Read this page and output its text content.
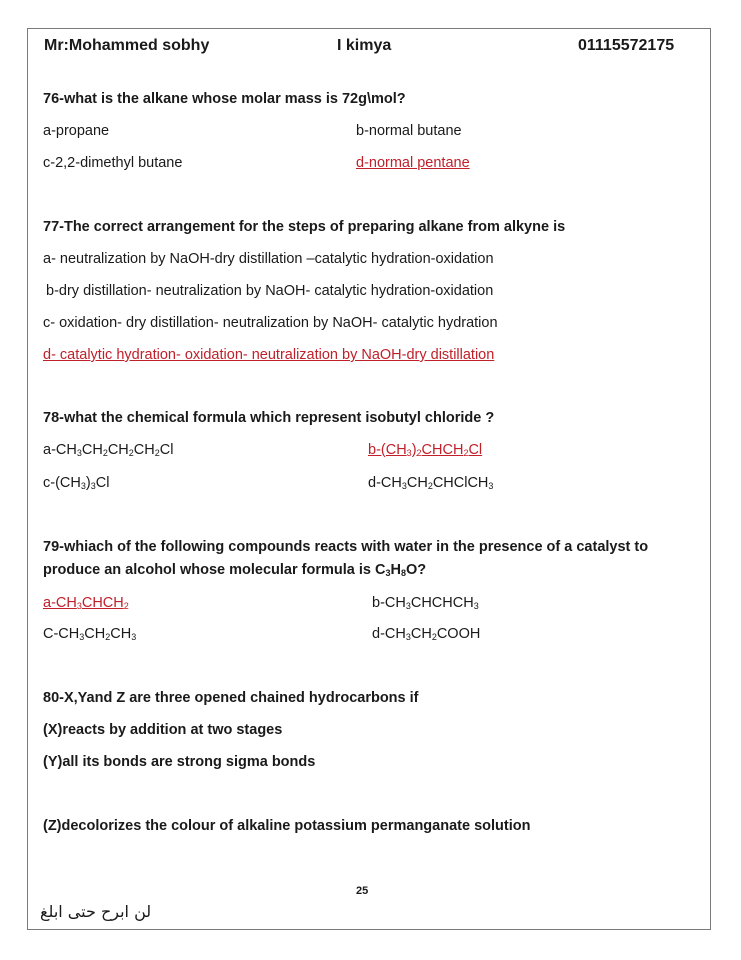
Mr:Mohammed sobhy	I kimya	01115572175
76-what is the alkane whose molar mass is 72g\mol?
a-propane	b-normal butane
c-2,2-dimethyl butane	d-normal pentane
77-The correct arrangement for the steps of preparing alkane from alkyne is
a- neutralization by NaOH-dry distillation –catalytic hydration-oxidation
b-dry distillation- neutralization by NaOH- catalytic hydration-oxidation
c- oxidation- dry distillation- neutralization by NaOH- catalytic hydration
d- catalytic hydration- oxidation- neutralization by NaOH-dry distillation
78-what the chemical formula which represent isobutyl chloride ?
$a-CH_3CH_2CH_2CH_2Cl$	$b-(CH_3)_2CHCH_2Cl$
$c-(CH_3)_3Cl$	$d-CH_3CH_2CHClCH_3$
79-whiach of the following compounds reacts with water in the presence of a catalyst to
produce an alcohol whose molecular formula is $C_3H_8O$?
$a-CH_3CHCH_2$	$b-CH_3CHCHCH_3$
$C-CH_3CH_2CH_3$	$d-CH_3CH_2COOH$
80-X,Yand Z are three opened chained hydrocarbons if
(X)reacts by addition at two stages
(Y)all its bonds are strong sigma bonds
(Z)decolorizes the colour of alkaline potassium permanganate solution
25
لن ابرح حتى ابلغ
